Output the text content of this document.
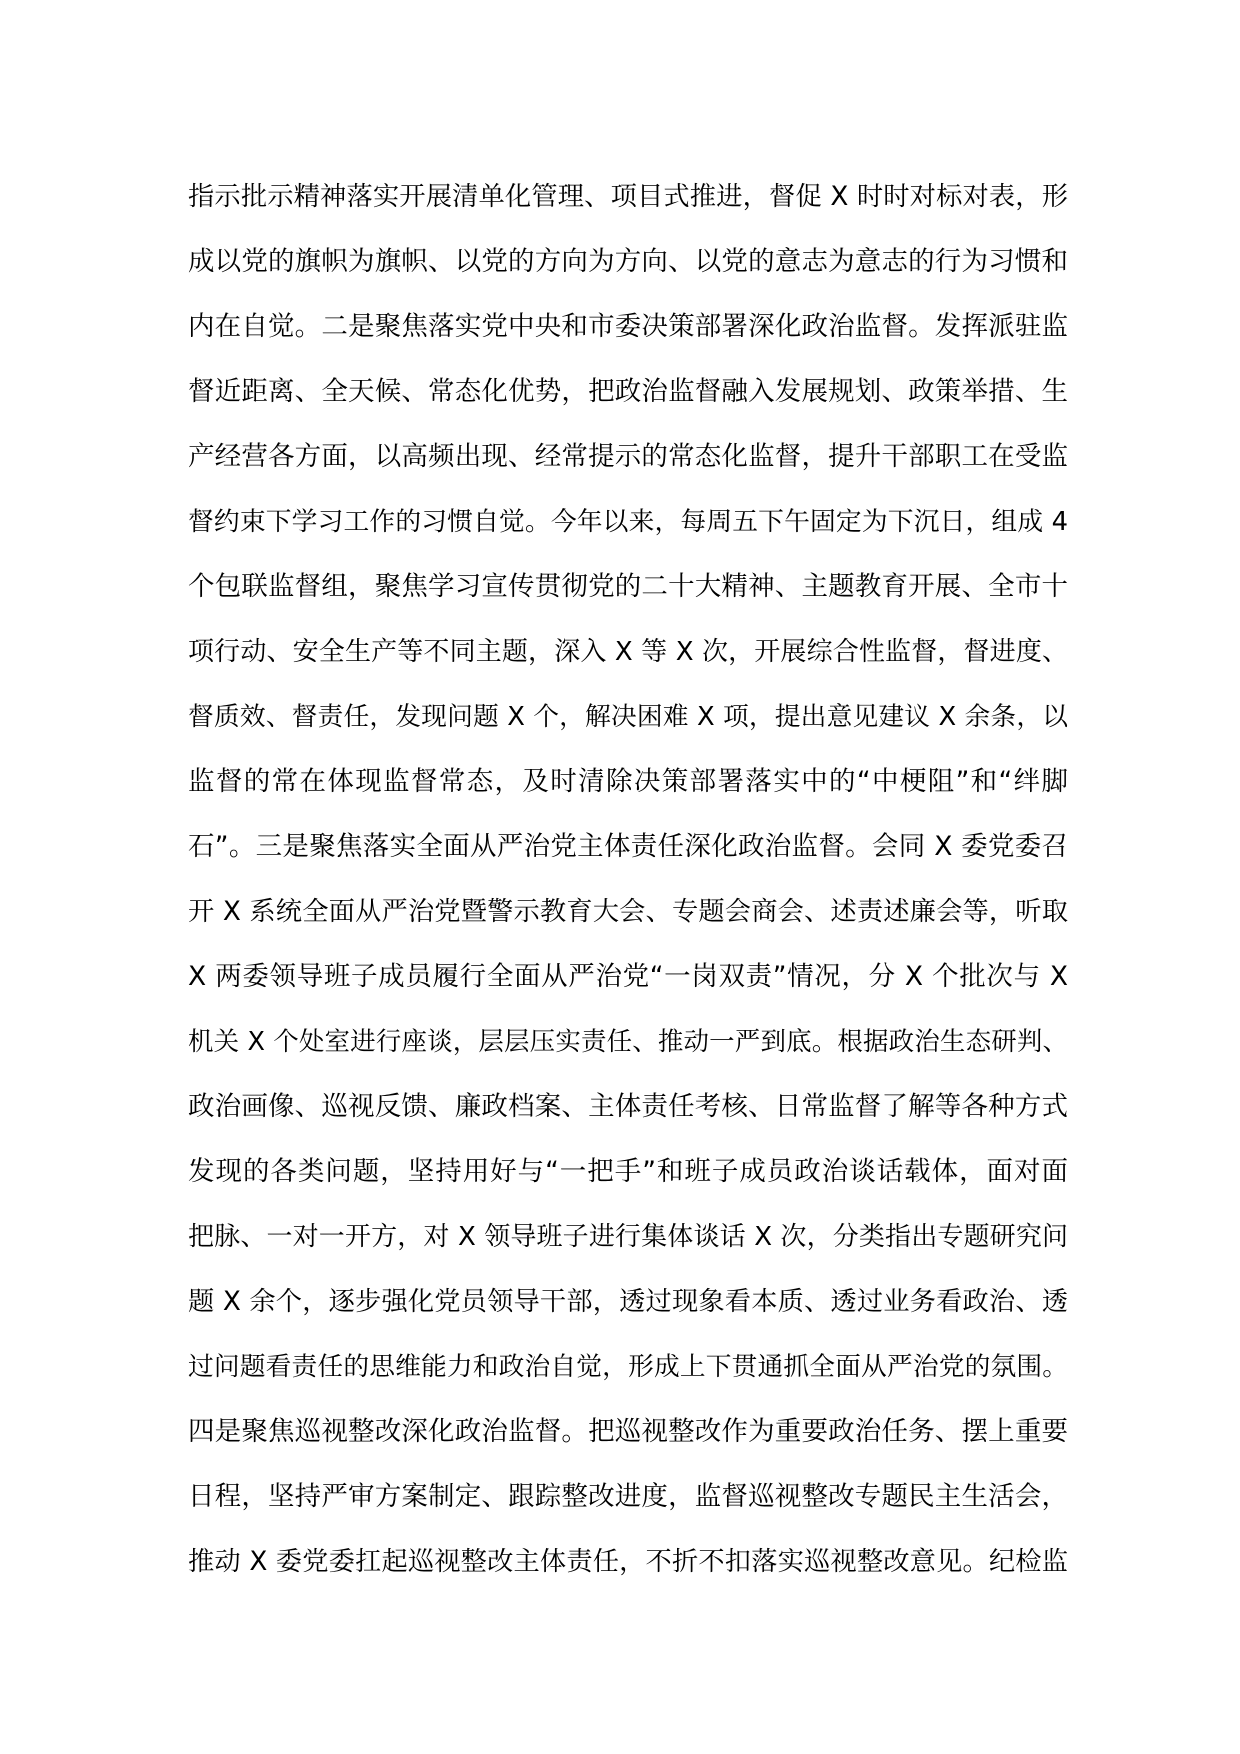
指示批示精神落实开展清单化管理、项目式推进，督促 X 时时对标对表，形
成以党的旗帜为旗帜、以党的方向为方向、以党的意志为意志的行为习惯和
内在自觉。二是聚焦落实党中央和市委决策部署深化政治监督。发挥派驻监
督近距离、全天候、常态化优势，把政治监督融入发展规划、政策举措、生
产经营各方面，以高频出现、经常提示的常态化监督，提升干部职工在受监
督约束下学习工作的习惯自觉。今年以来，每周五下午固定为下沉日，组成 4
个包联监督组，聚焦学习宣传贯彻党的二十大精神、主题教育开展、全市十
项行动、安全生产等不同主题，深入 X 等 X 次，开展综合性监督，督进度、
督质效、督责任，发现问题 X 个，解决困难 X 项，提出意见建议 X 余条，以
监督的常在体现监督常态，及时清除决策部署落实中的“中梗阻”和“绊脚
石”。三是聚焦落实全面从严治党主体责任深化政治监督。会同 X 委党委召
开 X 系统全面从严治党暨警示教育大会、专题会商会、述责述廉会等，听取
X 两委领导班子成员履行全面从严治党“一岗双责”情况，分 X 个批次与 X
机关 X 个处室进行座谈，层层压实责任、推动一严到底。根据政治生态研判、
政治画像、巡视反馈、廉政档案、主体责任考核、日常监督了解等各种方式
发现的各类问题，坚持用好与“一把手”和班子成员政治谈话载体，面对面
把脉、一对一开方，对 X 领导班子进行集体谈话 X 次，分类指出专题研究问
题 X 余个，逐步强化党员领导干部，透过现象看本质、透过业务看政治、透
过问题看责任的思维能力和政治自觉，形成上下贯通抓全面从严治党的氛围。
四是聚焦巡视整改深化政治监督。把巡视整改作为重要政治任务、摆上重要
日程，坚持严审方案制定、跟踪整改进度，监督巡视整改专题民主生活会，
推动 X 委党委扛起巡视整改主体责任，不折不扣落实巡视整改意见。纪检监
